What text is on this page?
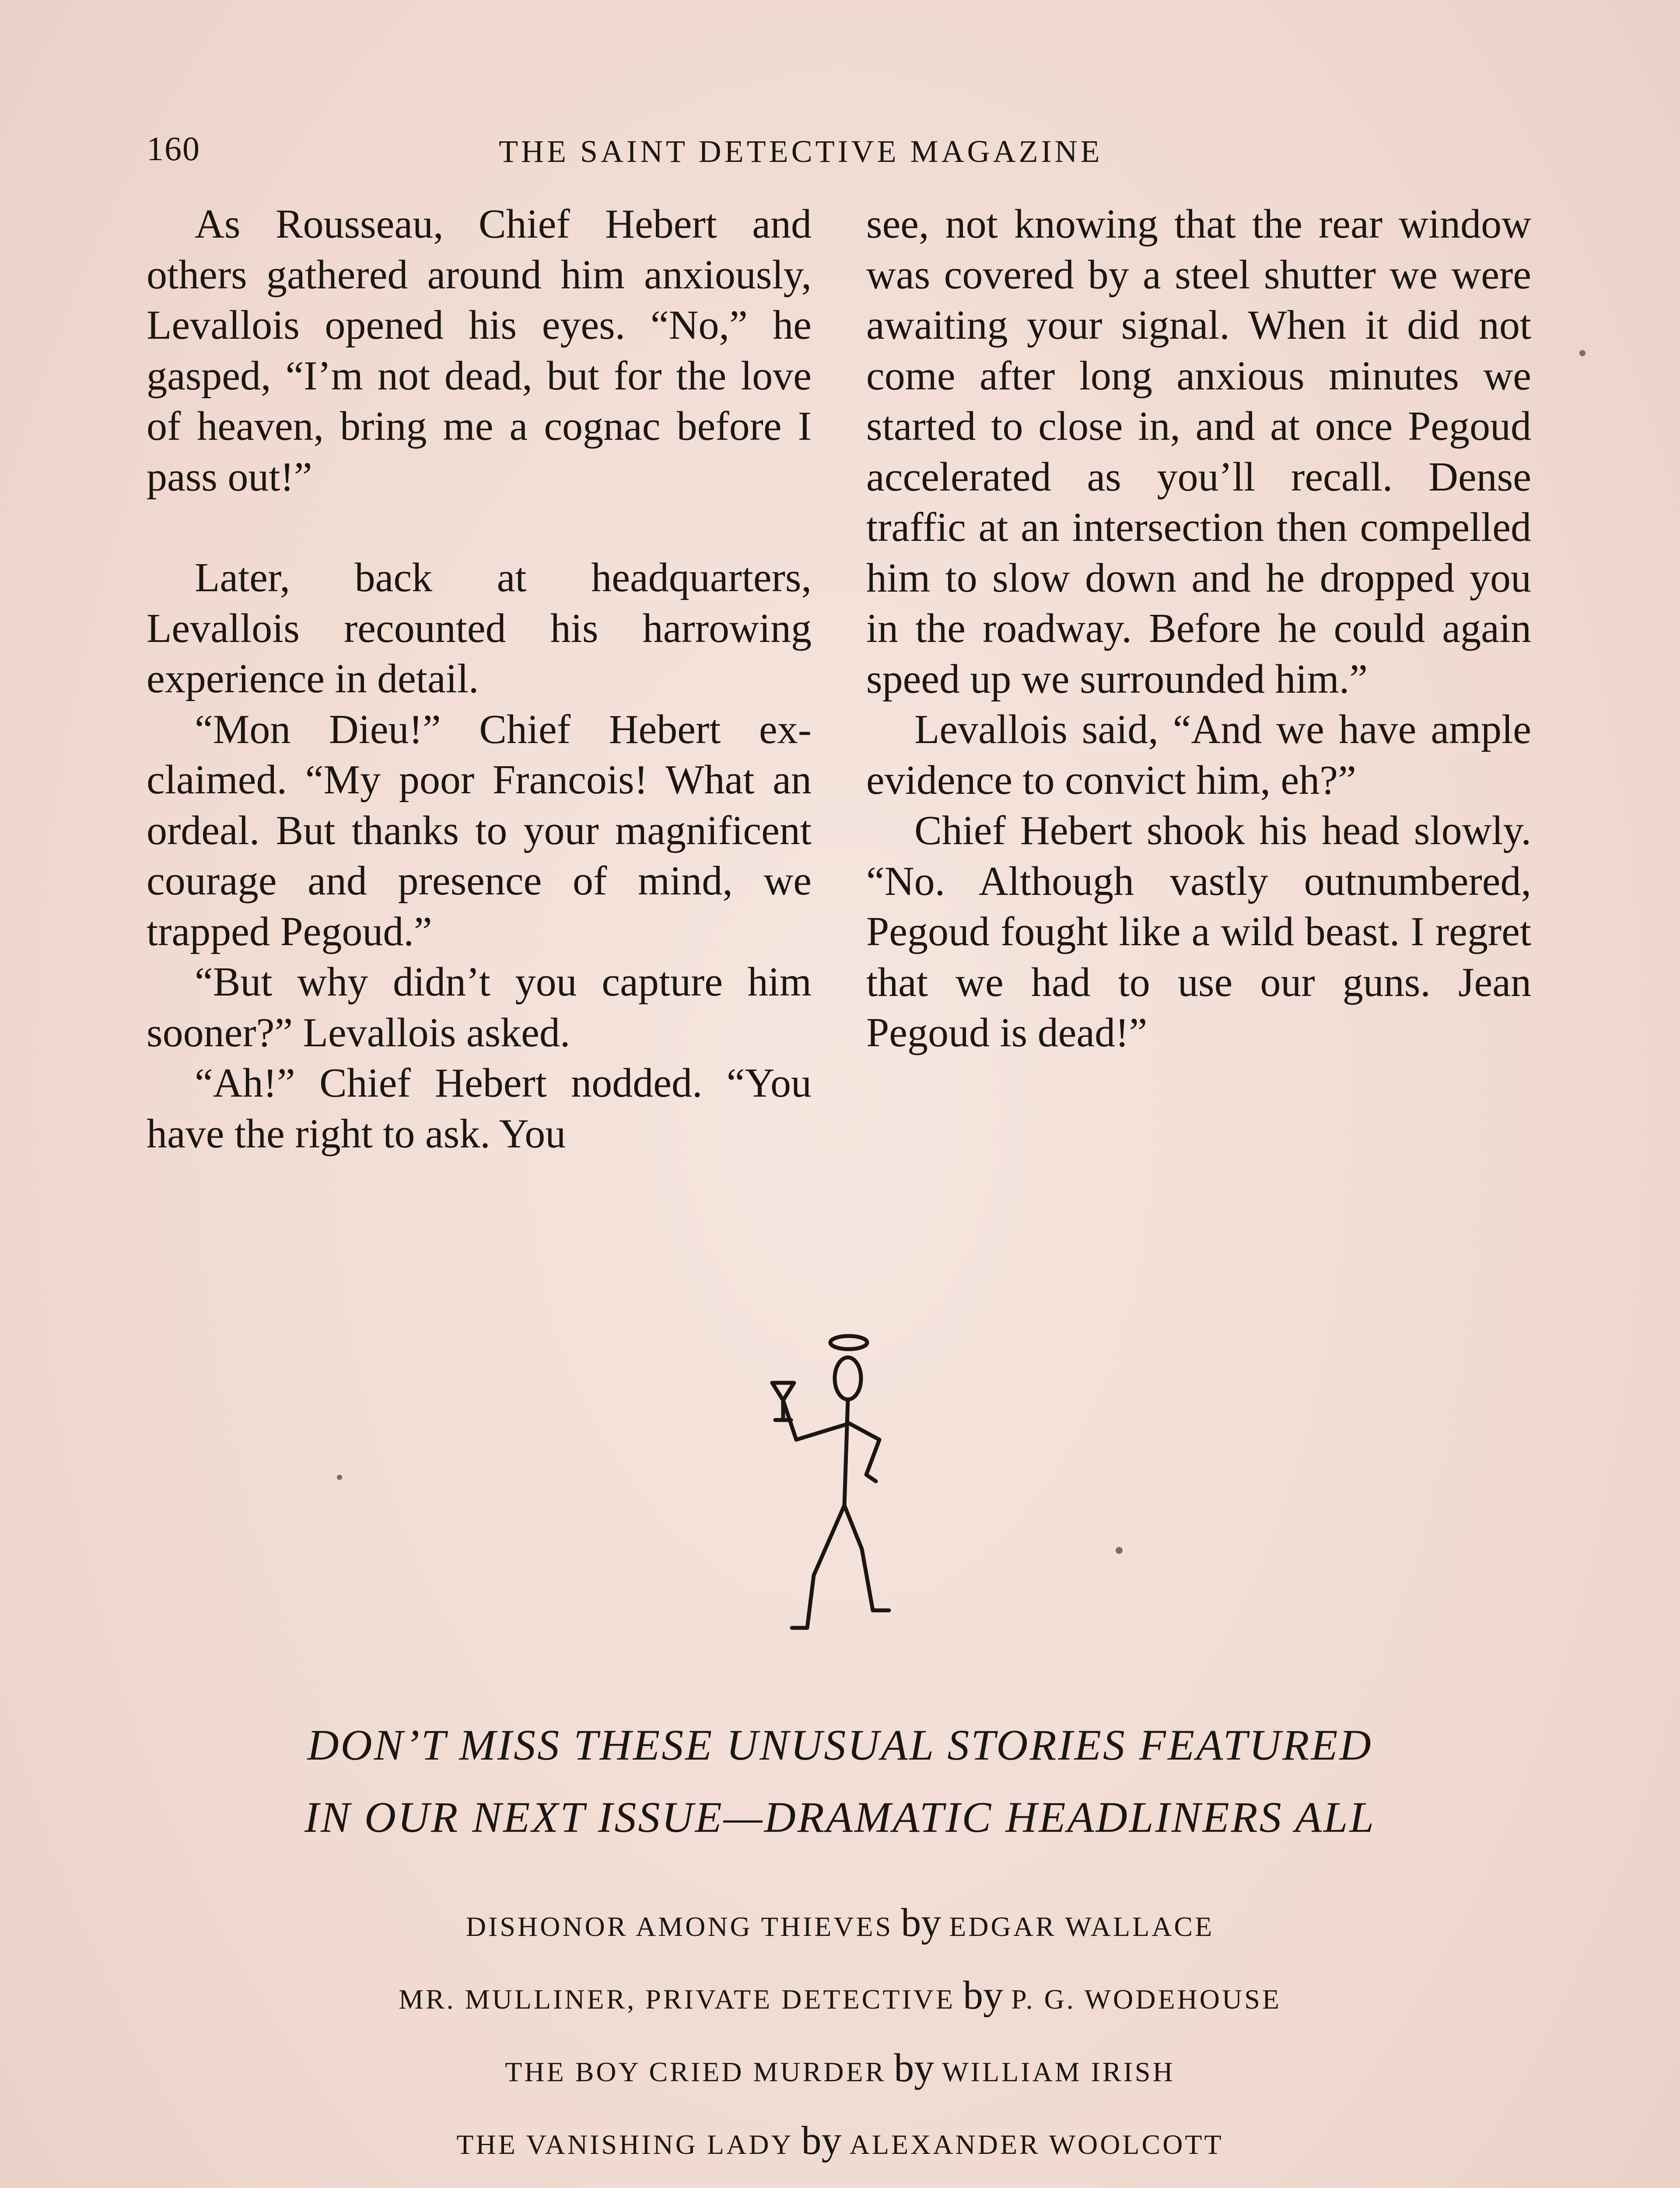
160	THE SAINT DETECTIVE MAGAZINE

As Rousseau, Chief Hebert and others gathered around him anxiously, Levallois opened his eyes. “No,” he gasped, “I’m not dead, but for the love of heaven, bring me a cognac before I pass out!”

Later, back at headquarters, Levallois recounted his harrowing experience in detail.

“Mon Dieu!” Chief Hebert exclaimed. “My poor Francois! What an ordeal. But thanks to your magnificent courage and presence of mind, we trapped Pegoud.”

“But why didn’t you capture him sooner?” Levallois asked.

“Ah!” Chief Hebert nodded. “You have the right to ask. You

see, not knowing that the rear window was covered by a steel shutter we were awaiting your signal. When it did not come after long anxious minutes we started to close in, and at once Pegoud accelerated as you’ll recall. Dense traffic at an intersection then compelled him to slow down and he dropped you in the roadway. Before he could again speed up we surrounded him.”

Levallois said, “And we have ample evidence to convict him, eh?”

Chief Hebert shook his head slowly. “No. Although vastly outnumbered, Pegoud fought like a wild beast. I regret that we had to use our guns. Jean Pegoud is dead!”

DON’T MISS THESE UNUSUAL STORIES FEATURED
IN OUR NEXT ISSUE—DRAMATIC HEADLINERS ALL
DISHONOR AMONG THIEVES by EDGAR WALLACE
MR. MULLINER, PRIVATE DETECTIVE by P. G. WODEHOUSE
THE BOY CRIED MURDER by WILLIAM IRISH
THE VANISHING LADY by ALEXANDER WOOLCOTT
